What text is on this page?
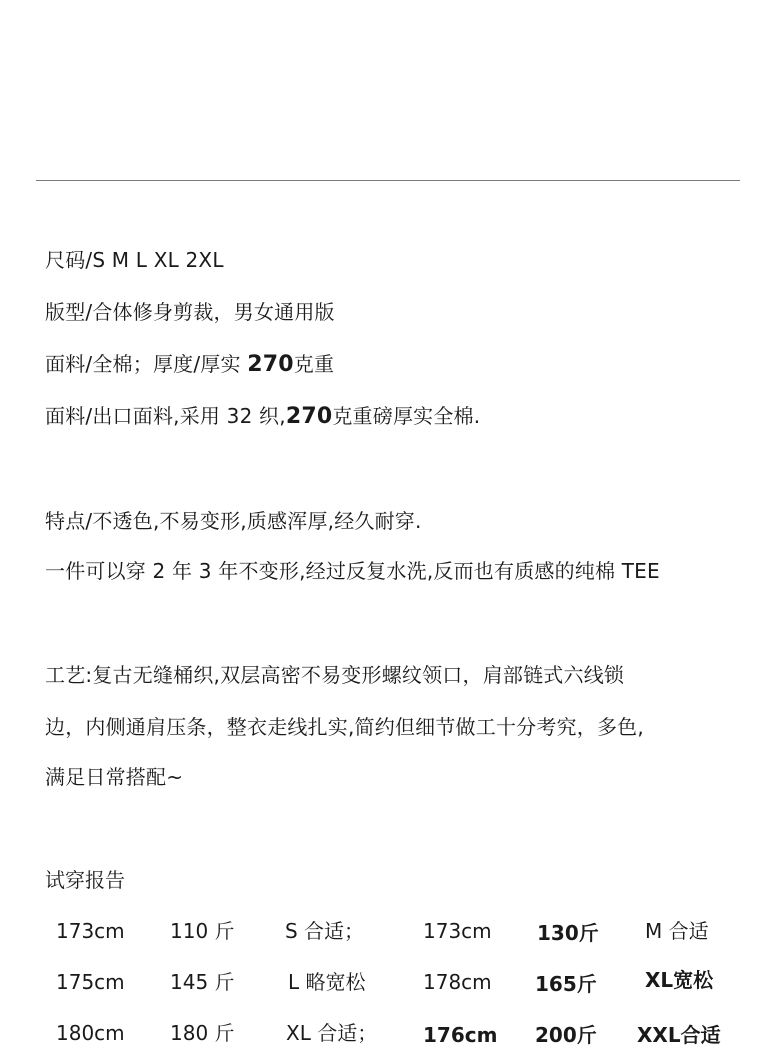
尺码/S M L XL 2XL
版型/合体修身剪裁，男女通用版
面料/全棉；厚度/厚实 270克重
面料/出口面料,采用 32 织,270克重磅厚实全棉.
特点/不透色,不易变形,质感浑厚,经久耐穿.
一件可以穿 2 年 3 年不变形,经过反复水洗,反而也有质感的纯棉 TEE
工艺:复古无缝桶织,双层高密不易变形螺纹领口，肩部链式六线锁
边，内侧通肩压条，整衣走线扎实,简约但细节做工十分考究，多色,
满足日常搭配~
试穿报告
173cm 110 斤	S 合适；	173cm 130斤 M 合适
175cm 145 斤	L 略宽松	178cm 165斤 XL宽松
180cm 180 斤	XL 合适； 176cm 200斤 XXL合适
